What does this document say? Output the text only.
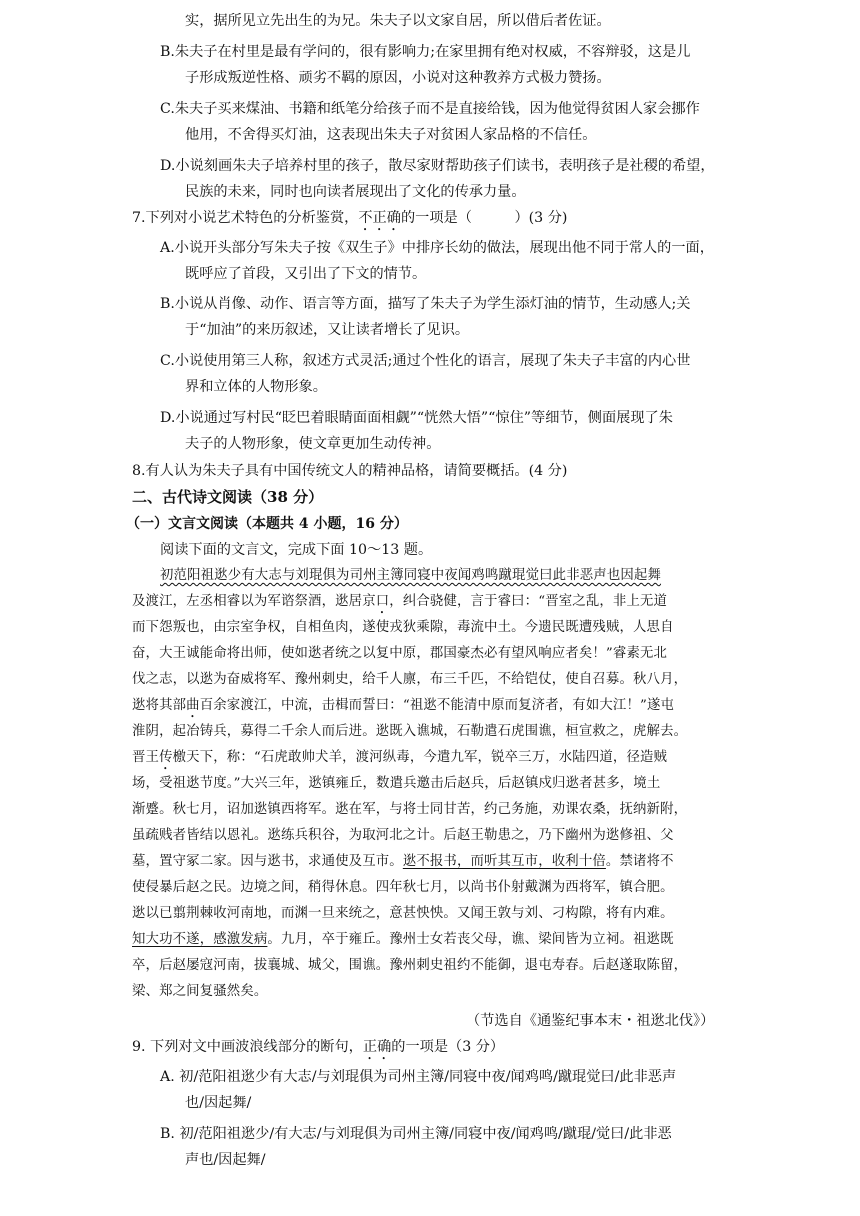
实，据所见立先出生的为兄。朱夫子以文家自居，所以借后者佐证。
B.朱夫子在村里是最有学问的，很有影响力;在家里拥有绝对权威，不容辩驳，这是儿
子形成叛逆性格、顽劣不羁的原因，小说对这种教养方式极力赞扬。
C.朱夫子买来煤油、书籍和纸笔分给孩子而不是直接给钱，因为他觉得贫困人家会挪作
他用，不舍得买灯油，这表现出朱夫子对贫困人家品格的不信任。
D.小说刻画朱夫子培养村里的孩子，散尽家财帮助孩子们读书，表明孩子是社稷的希望，
民族的未来，同时也向读者展现出了文化的传承力量。
7.下列对小说艺术特色的分析鉴赏，不正确的一项是（　　　）(3 分)
A.小说开头部分写朱夫子按《双生子》中排序长幼的做法，展现出他不同于常人的一面，
既呼应了首段，又引出了下文的情节。
B.小说从肖像、动作、语言等方面，描写了朱夫子为学生添灯油的情节，生动感人;关
于“加油”的来历叙述，又让读者增长了见识。
C.小说使用第三人称，叙述方式灵活;通过个性化的语言，展现了朱夫子丰富的内心世
界和立体的人物形象。
D.小说通过写村民“眨巴着眼睛面面相觑”“恍然大悟”“惊住”等细节，侧面展现了朱
夫子的人物形象，使文章更加生动传神。
8.有人认为朱夫子具有中国传统文人的精神品格，请简要概括。(4 分)
二、古代诗文阅读（38 分）
（一）文言文阅读（本题共 4 小题，16 分）
阅读下面的文言文，完成下面 10～13 题。
初范阳祖逖少有大志与刘琨俱为司州主簿同寝中夜闻鸡鸣蹴琨觉曰此非恶声也因起舞
及渡江，左丞相睿以为军谘祭酒，逖居京口，纠合骁健，言于睿曰：“晋室之乱，非上无道
而下怨叛也，由宗室争权，自相鱼肉，遂使戎狄乘隙，毒流中土。今遗民既遭残贼，人思自
奋，大王诚能命将出师，使如逖者统之以复中原，郡国豪杰必有望风响应者矣！”睿素无北
伐之志，以逖为奋威将军、豫州刺史，给千人廪，布三千匹，不给铠仗，使自召募。秋八月，
逖将其部曲百余家渡江，中流，击楫而誓曰：“祖逖不能清中原而复济者，有如大江！”遂屯
淮阴，起冶铸兵，募得二千余人而后进。逖既入谯城，石勒遣石虎围谯，桓宣救之，虎解去。
晋王传檄天下，称：“石虎敢帅犬羊，渡河纵毒，今遣九军，锐卒三万，水陆四道，径造贼
场，受祖逖节度。”大兴三年，逖镇雍丘，数遣兵邀击后赵兵，后赵镇戍归逖者甚多，境土
渐蹙。秋七月，诏加逖镇西将军。逖在军，与将士同甘苦，约己务施，劝课农桑，抚纳新附，
虽疏贱者皆结以恩礼。逖练兵积谷，为取河北之计。后赵王勒患之，乃下幽州为逖修祖、父
墓，置守冢二家。因与逖书，求通使及互市。逖不报书，而听其互市，收利十倍。禁诸将不
使侵暴后赵之民。边境之间，稍得休息。四年秋七月，以尚书仆射戴渊为西将军，镇合肥。
逖以已翦荆棘收河南地，而渊一旦来统之，意甚怏怏。又闻王敦与刘、刁构隙，将有内难。
知大功不遂，感激发病。九月，卒于雍丘。豫州士女若丧父母，谯、梁间皆为立祠。祖逖既
卒，后赵屡寇河南，拔襄城、城父，围谯。豫州刺史祖约不能御，退屯寿春。后赵遂取陈留，
梁、郑之间复骚然矣。
（节选自《通鉴纪事本末・祖逖北伐》）
9. 下列对文中画波浪线部分的断句，正确的一项是（3 分）
A. 初/范阳祖逖少有大志/与刘琨俱为司州主簿/同寝中夜/闻鸡鸣/蹴琨觉曰/此非恶声
也/因起舞/
B. 初/范阳祖逖少/有大志/与刘琨俱为司州主簿/同寝中夜/闻鸡鸣/蹴琨/觉曰/此非恶
声也/因起舞/
